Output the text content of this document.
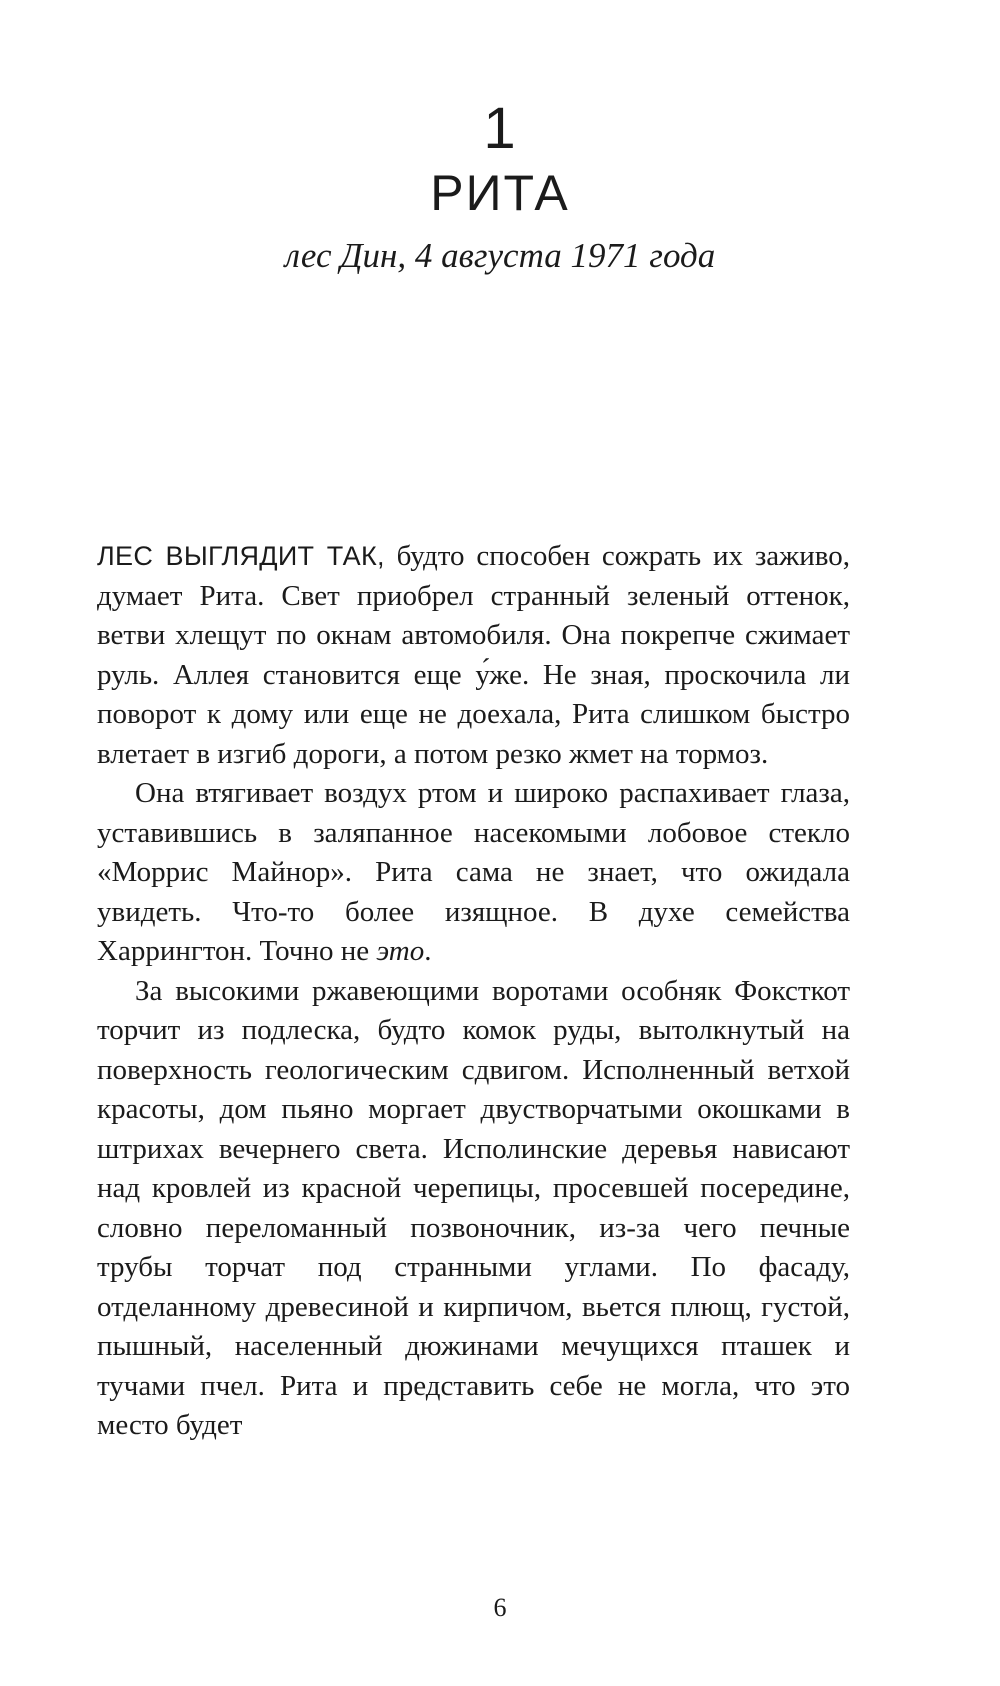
1
РИТА
лес Дин, 4 августа 1971 года

ЛЕС ВЫГЛЯДИТ ТАК, будто способен сожрать их заживо, думает Рита. Свет приобрел странный зеленый оттенок, ветви хлещут по окнам автомобиля. Она покрепче сжимает руль. Аллея становится еще у́же. Не зная, проскочила ли поворот к дому или еще не доехала, Рита слишком быстро влетает в изгиб дороги, а потом резко жмет на тормоз.

Она втягивает воздух ртом и широко распахивает глаза, уставившись в заляпанное насекомыми лобовое стекло «Моррис Майнор». Рита сама не знает, что ожидала увидеть. Что-то более изящное. В духе семейства Харрингтон. Точно не это.

За высокими ржавеющими воротами особняк Фоксткот торчит из подлеска, будто комок руды, вытолкнутый на поверхность геологическим сдвигом. Исполненный ветхой красоты, дом пьяно моргает двустворчатыми окошками в штрихах вечернего света. Исполинские деревья нависают над кровлей из красной черепицы, просевшей посередине, словно переломанный позвоночник, из-за чего печные трубы торчат под странными углами. По фасаду, отделанному древесиной и кирпичом, вьется плющ, густой, пышный, населенный дюжинами мечущихся пташек и тучами пчел. Рита и представить себе не могла, что это место будет

6
